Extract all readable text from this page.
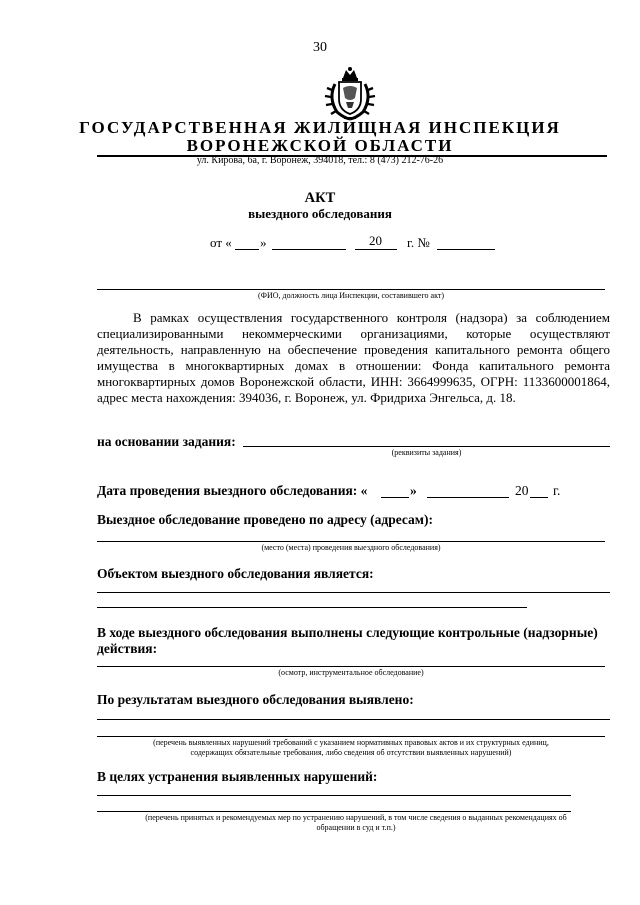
30
ГОСУДАРСТВЕННАЯ ЖИЛИЩНАЯ ИНСПЕКЦИЯ
ВОРОНЕЖСКОЙ ОБЛАСТИ
ул. Кирова, 6а, г. Воронеж, 394018, тел.: 8 (473) 212-76-26
АКТ
выездного обследования
от « »	20 г. №
(ФИО, должность лица Инспекции, составившего акт)
В рамках осуществления государственного контроля (надзора) за соблюдением специализированными некоммерческими организациями, которые осуществляют деятельность, направленную на обеспечение проведения капитального ремонта общего имущества в многоквартирных домах в отношении: Фонда капитального ремонта многоквартирных домов Воронежской области, ИНН: 3664999635, ОГРН: 1133600001864, адрес места нахождения: 394036, г. Воронеж, ул. Фридриха Энгельса, д. 18.
на основании задания:
(реквизиты задания)
Дата проведения выездного обследования: «	»	20 г.
Выездное обследование проведено по адресу (адресам):
(место (места) проведения выездного обследования)
Объектом выездного обследования является:
В ходе выездного обследования выполнены следующие контрольные (надзорные)
действия:
(осмотр, инструментальное обследование)
По результатам выездного обследования выявлено:
(перечень выявленных нарушений требований с указанием нормативных правовых актов и их структурных единиц,
содержащих обязательные требования, либо сведения об отсутствии выявленных нарушений)
В целях устранения выявленных нарушений:
(перечень принятых и рекомендуемых мер по устранению нарушений, в том числе сведения о выданных рекомендациях об
обращении в суд и т.п.)
